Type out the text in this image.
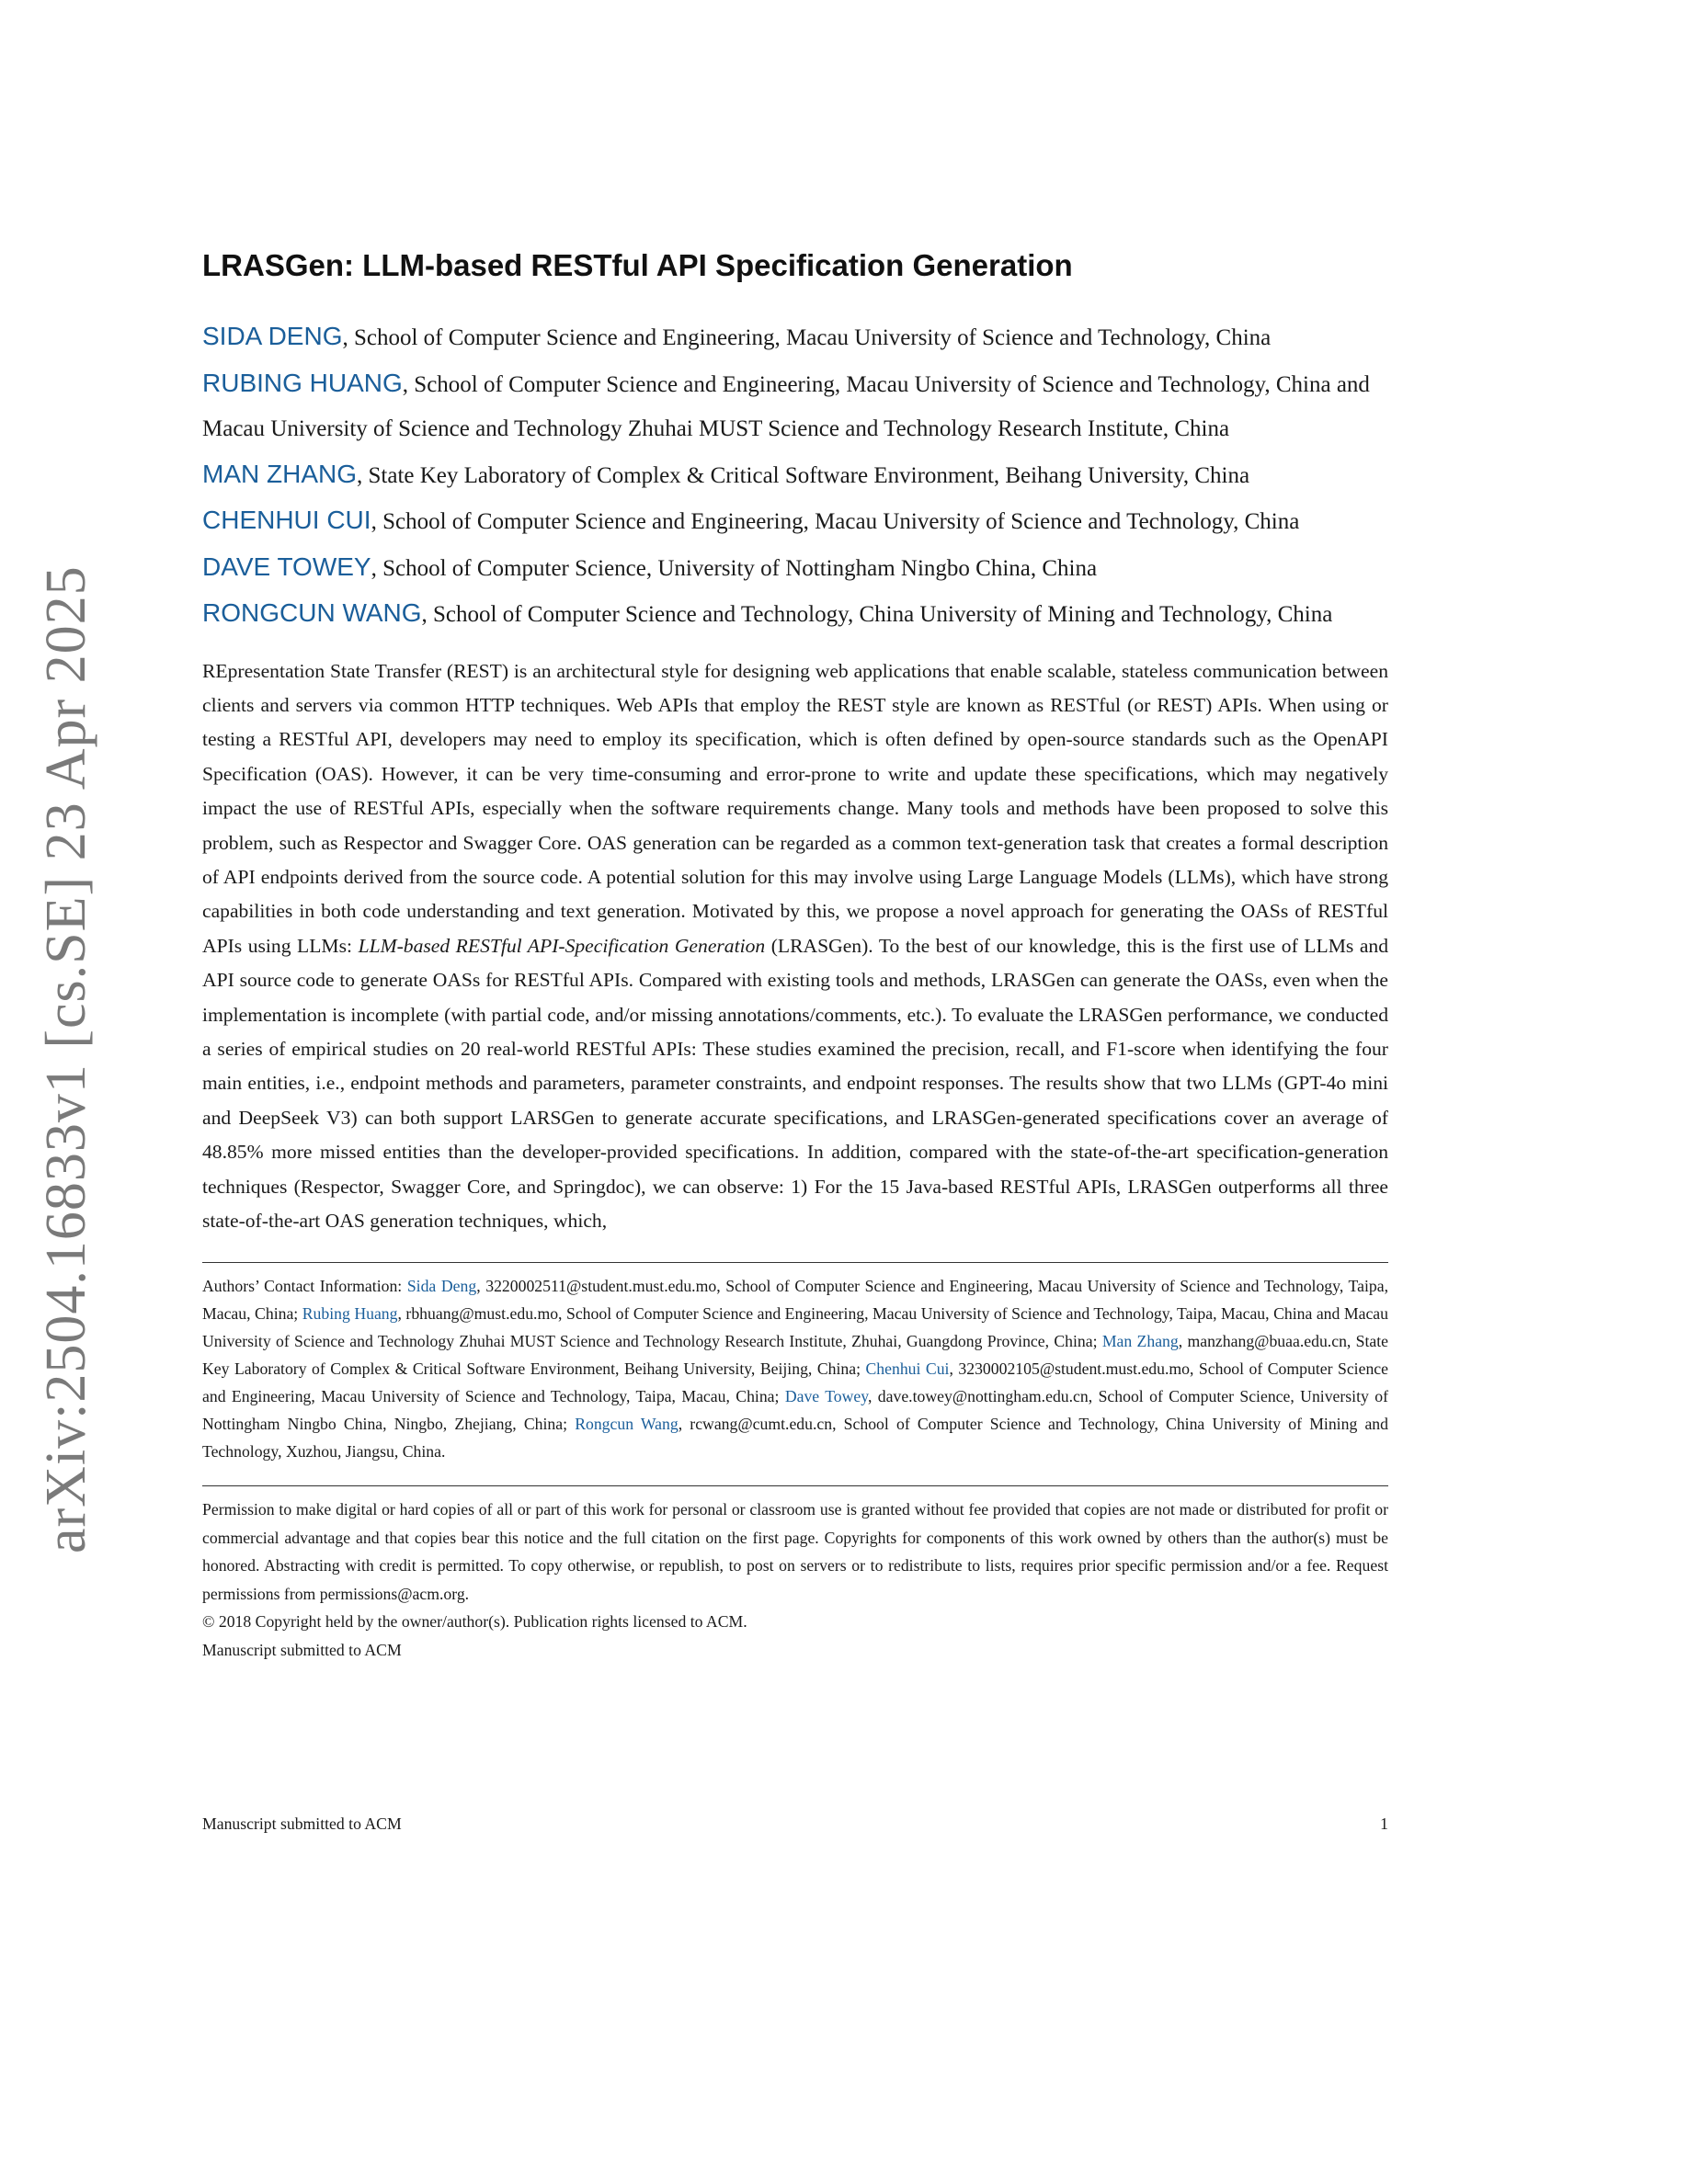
arXiv:2504.16833v1 [cs.SE] 23 Apr 2025
LRASGen: LLM-based RESTful API Specification Generation

SIDA DENG, School of Computer Science and Engineering, Macau University of Science and Technology, China

RUBING HUANG, School of Computer Science and Engineering, Macau University of Science and Technology, China and Macau University of Science and Technology Zhuhai MUST Science and Technology Research Institute, China

MAN ZHANG, State Key Laboratory of Complex & Critical Software Environment, Beihang University, China

CHENHUI CUI, School of Computer Science and Engineering, Macau University of Science and Technology, China

DAVE TOWEY, School of Computer Science, University of Nottingham Ningbo China, China

RONGCUN WANG, School of Computer Science and Technology, China University of Mining and Technology, China

REpresentation State Transfer (REST) is an architectural style for designing web applications that enable scalable, stateless communication between clients and servers via common HTTP techniques. Web APIs that employ the REST style are known as RESTful (or REST) APIs. When using or testing a RESTful API, developers may need to employ its specification, which is often defined by open-source standards such as the OpenAPI Specification (OAS). However, it can be very time-consuming and error-prone to write and update these specifications, which may negatively impact the use of RESTful APIs, especially when the software requirements change. Many tools and methods have been proposed to solve this problem, such as Respector and Swagger Core. OAS generation can be regarded as a common text-generation task that creates a formal description of API endpoints derived from the source code. A potential solution for this may involve using Large Language Models (LLMs), which have strong capabilities in both code understanding and text generation. Motivated by this, we propose a novel approach for generating the OASs of RESTful APIs using LLMs: LLM-based RESTful API-Specification Generation (LRASGen). To the best of our knowledge, this is the first use of LLMs and API source code to generate OASs for RESTful APIs. Compared with existing tools and methods, LRASGen can generate the OASs, even when the implementation is incomplete (with partial code, and/or missing annotations/comments, etc.). To evaluate the LRASGen performance, we conducted a series of empirical studies on 20 real-world RESTful APIs: These studies examined the precision, recall, and F1-score when identifying the four main entities, i.e., endpoint methods and parameters, parameter constraints, and endpoint responses. The results show that two LLMs (GPT-4o mini and DeepSeek V3) can both support LARSGen to generate accurate specifications, and LRASGen-generated specifications cover an average of 48.85% more missed entities than the developer-provided specifications. In addition, compared with the state-of-the-art specification-generation techniques (Respector, Swagger Core, and Springdoc), we can observe: 1) For the 15 Java-based RESTful APIs, LRASGen outperforms all three state-of-the-art OAS generation techniques, which,

Authors’ Contact Information: Sida Deng, 3220002511@student.must.edu.mo, School of Computer Science and Engineering, Macau University of Science and Technology, Taipa, Macau, China; Rubing Huang, rbhuang@must.edu.mo, School of Computer Science and Engineering, Macau University of Science and Technology, Taipa, Macau, China and Macau University of Science and Technology Zhuhai MUST Science and Technology Research Institute, Zhuhai, Guangdong Province, China; Man Zhang, manzhang@buaa.edu.cn, State Key Laboratory of Complex & Critical Software Environment, Beihang University, Beijing, China; Chenhui Cui, 3230002105@student.must.edu.mo, School of Computer Science and Engineering, Macau University of Science and Technology, Taipa, Macau, China; Dave Towey, dave.towey@nottingham.edu.cn, School of Computer Science, University of Nottingham Ningbo China, Ningbo, Zhejiang, China; Rongcun Wang, rcwang@cumt.edu.cn, School of Computer Science and Technology, China University of Mining and Technology, Xuzhou, Jiangsu, China.

Permission to make digital or hard copies of all or part of this work for personal or classroom use is granted without fee provided that copies are not made or distributed for profit or commercial advantage and that copies bear this notice and the full citation on the first page. Copyrights for components of this work owned by others than the author(s) must be honored. Abstracting with credit is permitted. To copy otherwise, or republish, to post on servers or to redistribute to lists, requires prior specific permission and/or a fee. Request permissions from permissions@acm.org.

© 2018 Copyright held by the owner/author(s). Publication rights licensed to ACM.

Manuscript submitted to ACM

Manuscript submitted to ACM	1
